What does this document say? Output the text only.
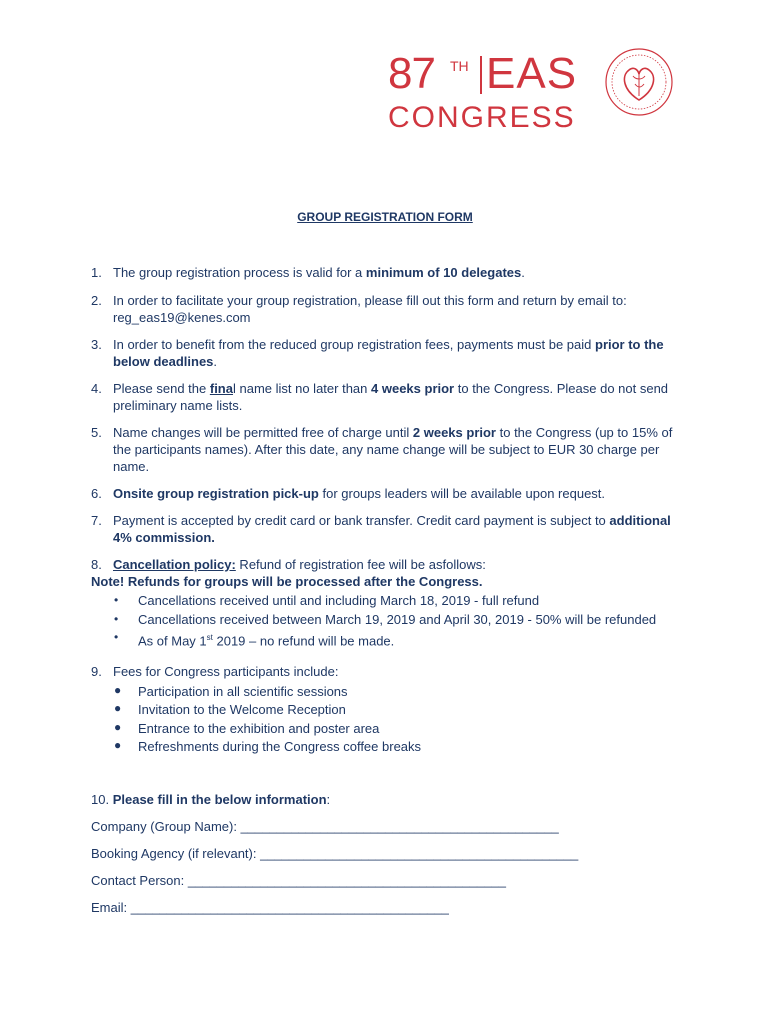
87 TH EAS
CONGRESS
GROUP REGISTRATION FORM
1. The group registration process is valid for a minimum of 10 delegates.
2. In order to facilitate your group registration, please fill out this form and return by email to:
reg_eas19@kenes.com
3. In order to benefit from the reduced group registration fees, payments must be paid prior to the
below deadlines.
4. Please send the final name list no later than 4 weeks prior to the Congress. Please do not send
preliminary name lists.
5. Name changes will be permitted free of charge until 2 weeks prior to the Congress (up to 15% of
the participants names). After this date, any name change will be subject to EUR 30 charge per
name.
6. Onsite group registration pick-up for groups leaders will be available upon request.
7. Payment is accepted by credit card or bank transfer. Credit card payment is subject to additional
4% commission.
8. Cancellation policy: Refund of registration fee will be asfollows:
Note! Refunds for groups will be processed after the Congress.
• Cancellations received until and including March 18, 2019 - full refund
• Cancellations received between March 19, 2019 and April 30, 2019 - 50% will be refunded
• As of May 1st 2019 – no refund will be made.
9. Fees for Congress participants include:
● Participation in all scientific sessions
● Invitation to the Welcome Reception
● Entrance to the exhibition and poster area
● Refreshments during the Congress coffee breaks
10. Please fill in the below information:
Company (Group Name): ____________________________________________
Booking Agency (if relevant): ____________________________________________
Contact Person: ____________________________________________
Email: ____________________________________________
